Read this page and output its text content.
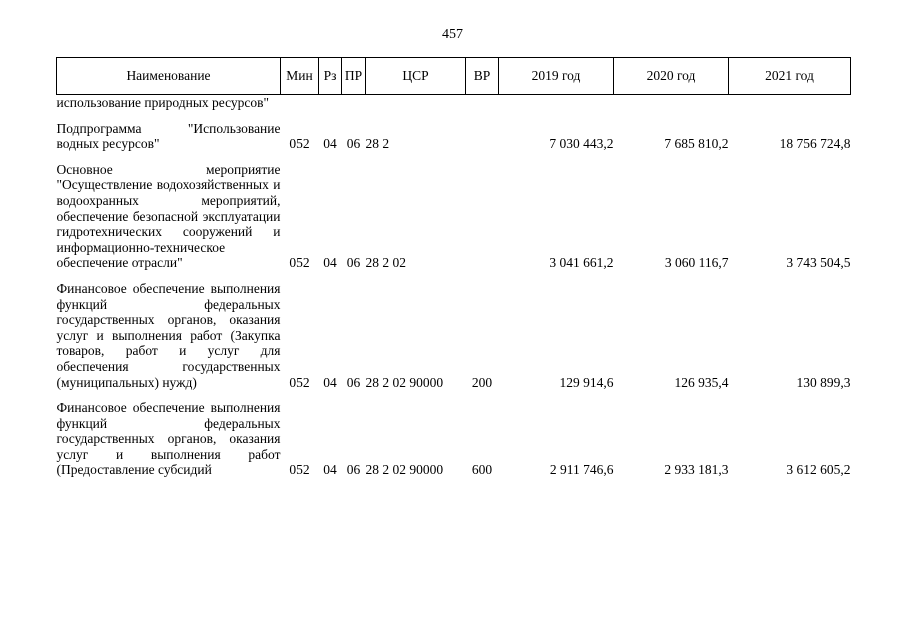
457
Наименование	Мин	Рз	ПР	ЦСР	ВР	2019 год	2020 год	2021 год
использование природных ресурсов"								
Подпрограмма "Использование водных ресурсов"	052	04	06	28 2		7 030 443,2	7 685 810,2	18 756 724,8
Основное мероприятие "Осуществление водохозяйственных и водоохранных мероприятий, обеспечение безопасной эксплуатации гидротехнических сооружений и информационно-техническое обеспечение отрасли"	052	04	06	28 2 02		3 041 661,2	3 060 116,7	3 743 504,5
Финансовое обеспечение выполнения функций федеральных государственных органов, оказания услуг и выполнения работ (Закупка товаров, работ и услуг для обеспечения государственных (муниципальных) нужд)	052	04	06	28 2 02 90000	200	129 914,6	126 935,4	130 899,3
Финансовое обеспечение выполнения функций федеральных государственных органов, оказания услуг и выполнения работ (Предоставление субсидий	052	04	06	28 2 02 90000	600	2 911 746,6	2 933 181,3	3 612 605,2
